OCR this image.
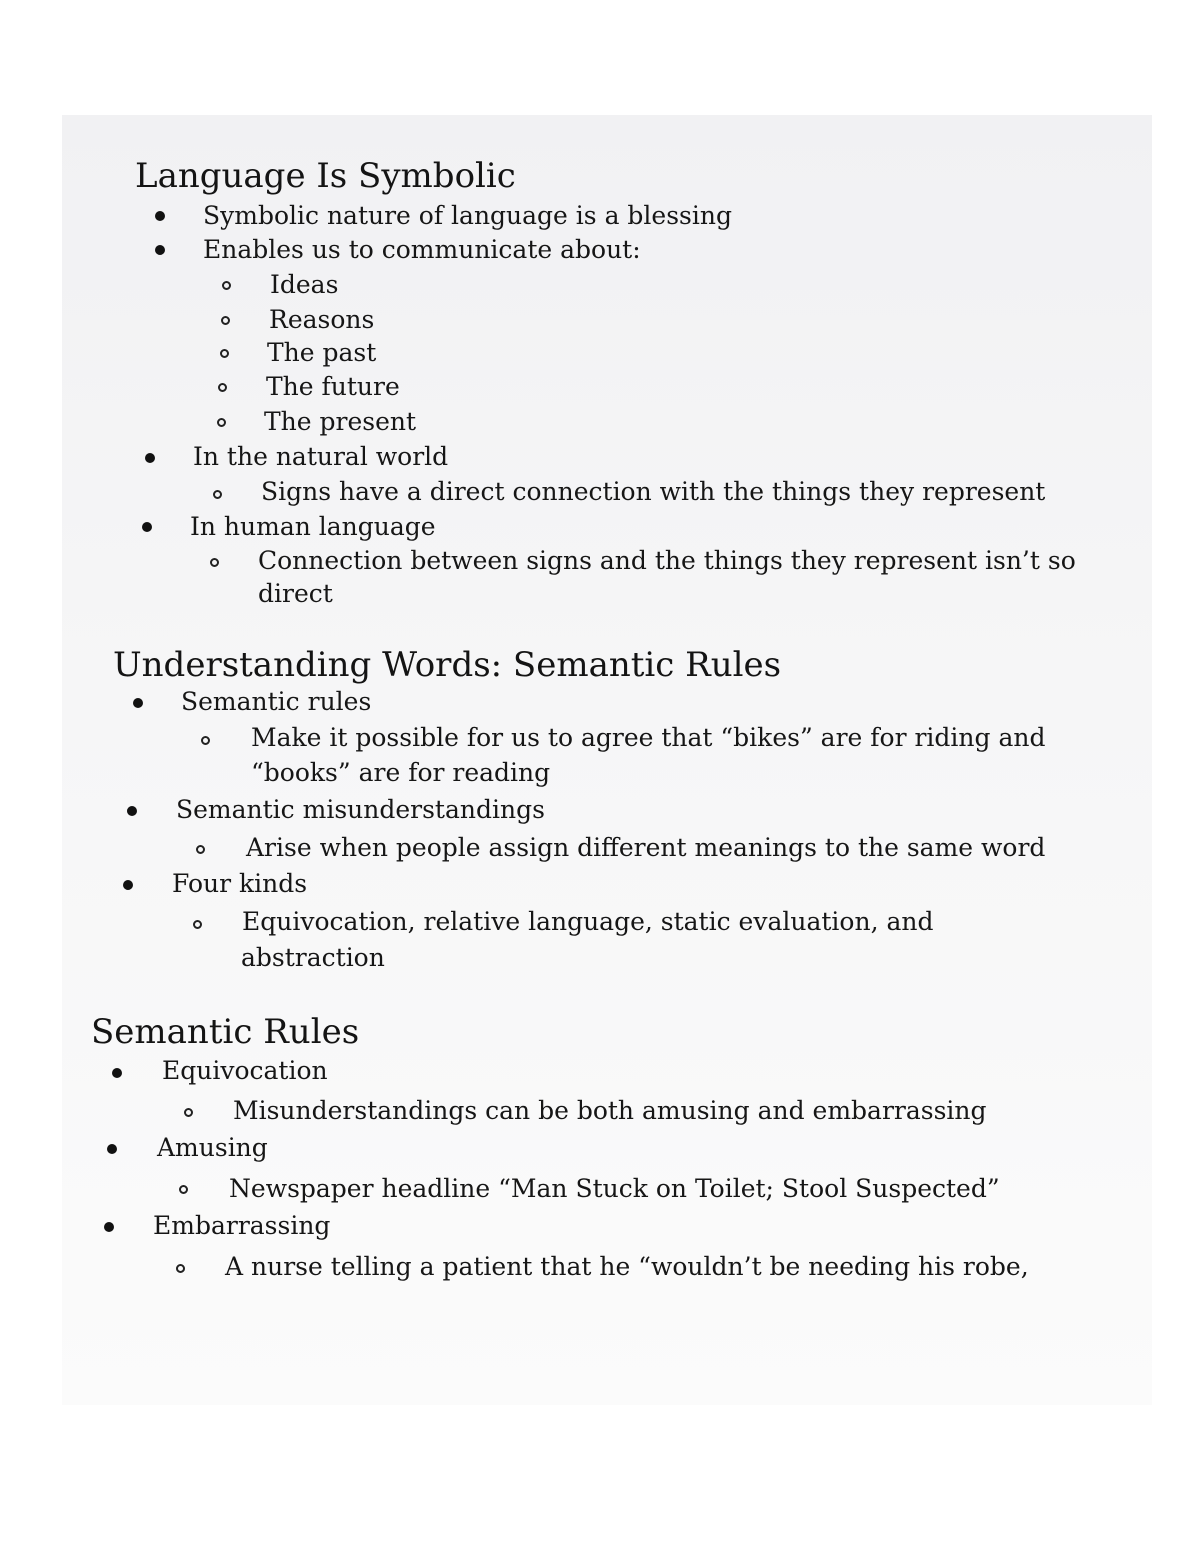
Language Is Symbolic
Symbolic nature of language is a blessing
Enables us to communicate about:
Ideas
Reasons
The past
The future
The present
In the natural world
Signs have a direct connection with the things they represent
In human language
Connection between signs and the things they represent isn’t so
direct
Understanding Words: Semantic Rules
Semantic rules
Make it possible for us to agree that “bikes” are for riding and
“books” are for reading
Semantic misunderstandings
Arise when people assign different meanings to the same word
Four kinds
Equivocation, relative language, static evaluation, and
abstraction
Semantic Rules
Equivocation
Misunderstandings can be both amusing and embarrassing
Amusing
Newspaper headline “Man Stuck on Toilet; Stool Suspected”
Embarrassing
A nurse telling a patient that he “wouldn’t be needing his robe,
